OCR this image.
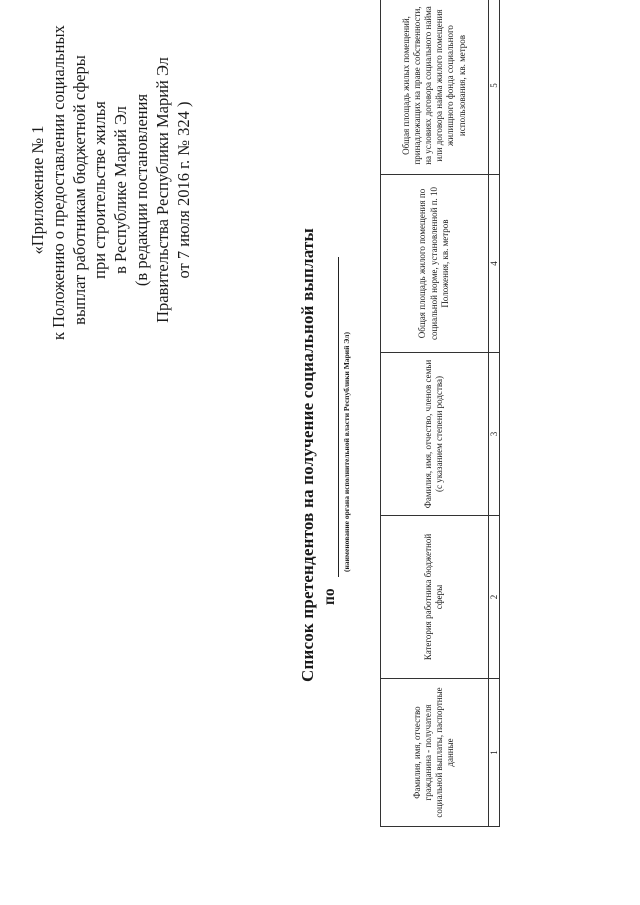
«Приложение № 1 к Положению о предоставлении социальных выплат работникам бюджетной сферы при строительстве жилья в Республике Марий Эл (в редакции постановления Правительства Республики Марий Эл от 7 июля 2016 г. № 324 )
Список претендентов на получение социальной выплаты по
(наименование органа исполнительной власти Республики Марий Эл)
Фамилия, имя, отчество гражданина - получателя социальной выплаты, паспортные данные	Категория работника бюджетной сферы	Фамилия, имя, отчество, членов семьи (с указанием степени родства)	Общая площадь жилого помещения по социальной норме, установленной п. 10 Положения, кв. метров	Общая площадь жилых помещений, принадлежащих на праве собственности, на условиях договора социального найма или договора найма жилого помещения жилищного фонда социального использования, кв. метров
1	2	3	4	5
